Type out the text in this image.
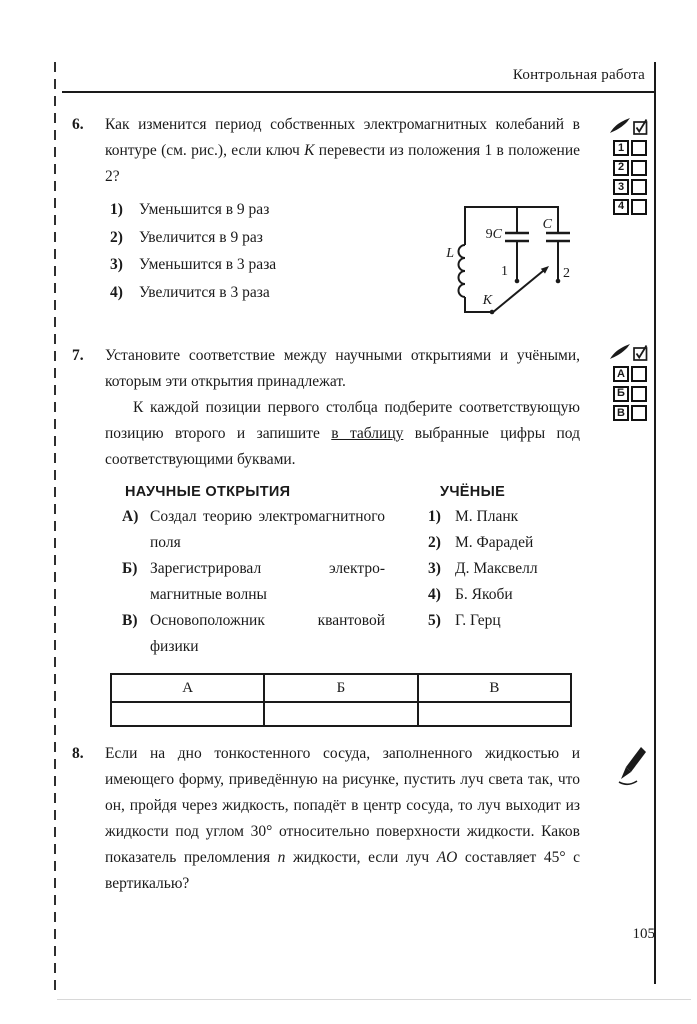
Контрольная работа
6. Как изменится период собственных электромагнитных колебаний в контуре (см. рис.), если ключ К перевести из положения 1 в положение 2?

1)	Уменьшится в 9 раз
2)	Увеличится в 9 раз
3)	Уменьшится в 3 раза
4)	Увеличится в 3 раза
L
9C
C
К
1	2
1
2
3
4
7. Установите соответствие между научными открытиями и учёными, которым эти открытия принадлежат.

К каждой позиции первого столбца подберите соответствующую позицию второго и запишите в таблицу выбранные цифры под соответствующими буквами.

НАУЧНЫЕ ОТКРЫТИЯ	УЧЁНЫЕ
А) Создал теорию электромагнитного поля
Б) Зарегистрировал электромагнитные волны
В) Основоположник квантовой физики
1) М. Планк
2) М. Фарадей
3) Д. Максвелл
4) Б. Якоби
5) Г. Герц
А	Б	В

А
Б
В
8. Если на дно тонкостенного сосуда, заполненного жидкостью и имеющего форму, приведённую на рисунке, пустить луч света так, что он, пройдя через жидкость, попадёт в центр сосуда, то луч выходит из жидкости под углом 30° относительно поверхности жидкости. Каков показатель преломления n жидкости, если луч AO составляет 45° с вертикалью?

105
